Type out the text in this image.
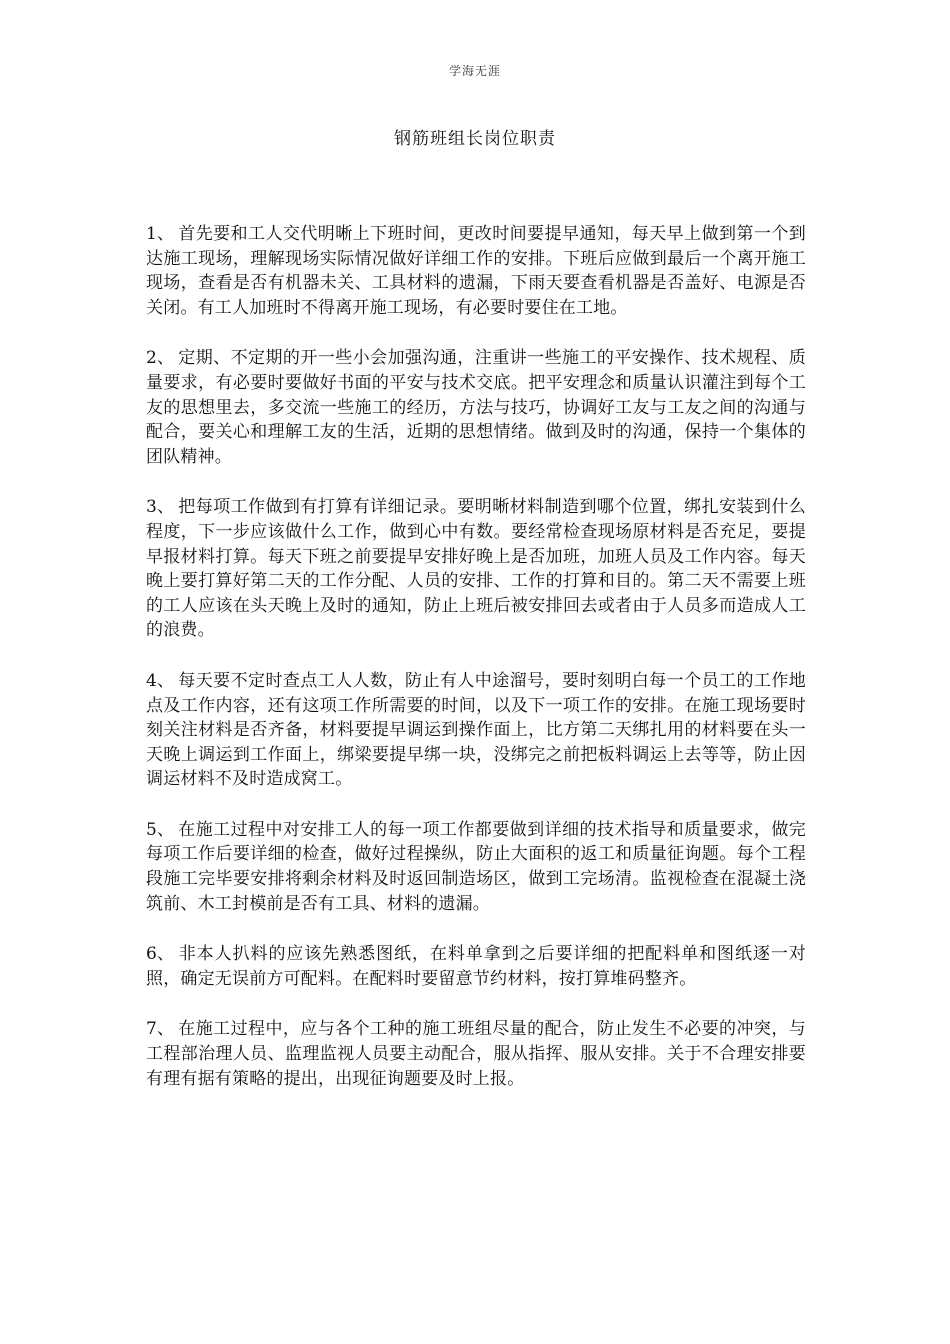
学海无涯
钢筋班组长岗位职责

1、 首先要和工人交代明晰上下班时间，更改时间要提早通知，每天早上做到第一个到达施工现场，理解现场实际情况做好详细工作的安排。下班后应做到最后一个离开施工现场，查看是否有机器未关、工具材料的遗漏，下雨天要查看机器是否盖好、电源是否关闭。有工人加班时不得离开施工现场，有必要时要住在工地。

2、 定期、不定期的开一些小会加强沟通，注重讲一些施工的平安操作、技术规程、质量要求，有必要时要做好书面的平安与技术交底。把平安理念和质量认识灌注到每个工友的思想里去，多交流一些施工的经历，方法与技巧，协调好工友与工友之间的沟通与配合，要关心和理解工友的生活，近期的思想情绪。做到及时的沟通，保持一个集体的团队精神。

3、 把每项工作做到有打算有详细记录。要明晰材料制造到哪个位置，绑扎安装到什么程度，下一步应该做什么工作，做到心中有数。要经常检查现场原材料是否充足，要提早报材料打算。每天下班之前要提早安排好晚上是否加班，加班人员及工作内容。每天晚上要打算好第二天的工作分配、人员的安排、工作的打算和目的。第二天不需要上班的工人应该在头天晚上及时的通知，防止上班后被安排回去或者由于人员多而造成人工的浪费。

4、 每天要不定时查点工人人数，防止有人中途溜号，要时刻明白每一个员工的工作地点及工作内容，还有这项工作所需要的时间，以及下一项工作的安排。在施工现场要时刻关注材料是否齐备，材料要提早调运到操作面上，比方第二天绑扎用的材料要在头一天晚上调运到工作面上，绑梁要提早绑一块，没绑完之前把板料调运上去等等，防止因调运材料不及时造成窝工。

5、 在施工过程中对安排工人的每一项工作都要做到详细的技术指导和质量要求，做完每项工作后要详细的检查，做好过程操纵，防止大面积的返工和质量征询题。每个工程段施工完毕要安排将剩余材料及时返回制造场区，做到工完场清。监视检查在混凝土浇筑前、木工封模前是否有工具、材料的遗漏。

6、 非本人扒料的应该先熟悉图纸，在料单拿到之后要详细的把配料单和图纸逐一对照，确定无误前方可配料。在配料时要留意节约材料，按打算堆码整齐。

7、 在施工过程中，应与各个工种的施工班组尽量的配合，防止发生不必要的冲突，与工程部治理人员、监理监视人员要主动配合，服从指挥、服从安排。关于不合理安排要有理有据有策略的提出，出现征询题要及时上报。
